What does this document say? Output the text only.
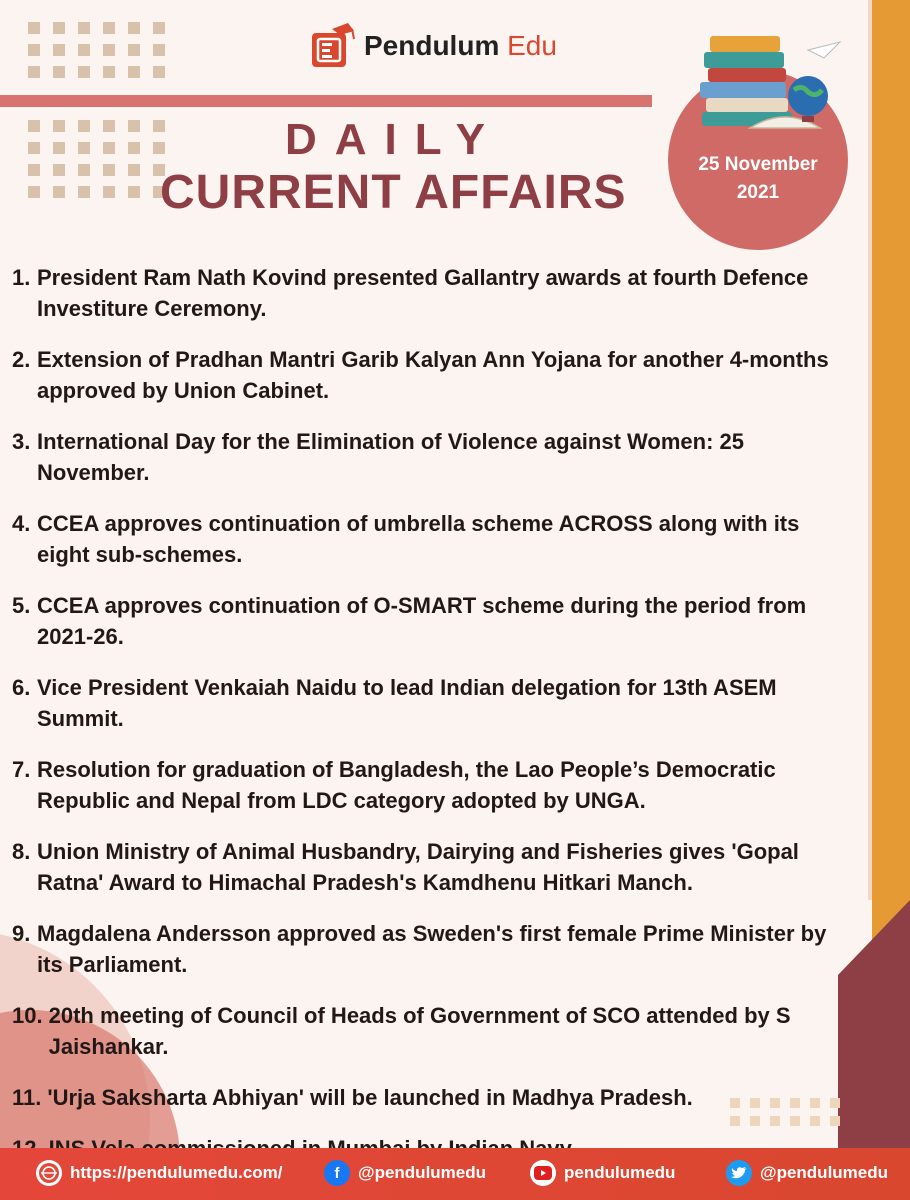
Pendulum Edu
DAILY
CURRENT AFFAIRS
25 November
2021
1. President Ram Nath Kovind presented Gallantry awards at fourth Defence Investiture Ceremony.
2. Extension of Pradhan Mantri Garib Kalyan Ann Yojana for another 4-months approved by Union Cabinet.
3. International Day for the Elimination of Violence against Women: 25 November.
4. CCEA approves continuation of umbrella scheme ACROSS along with its eight sub-schemes.
5. CCEA approves continuation of O-SMART scheme during the period from 2021-26.
6. Vice President Venkaiah Naidu to lead Indian delegation for 13th ASEM Summit.
7. Resolution for graduation of Bangladesh, the Lao People’s Democratic Republic and Nepal from LDC category adopted by UNGA.
8. Union Ministry of Animal Husbandry, Dairying and Fisheries gives 'Gopal Ratna' Award to Himachal Pradesh's Kamdhenu Hitkari Manch.
9. Magdalena Andersson approved as Sweden's first female Prime Minister by its Parliament.
10. 20th meeting of Council of Heads of Government of SCO attended by S Jaishankar.
11. 'Urja Saksharta Abhiyan' will be launched in Madhya Pradesh.
https://pendulumedu.com/	f	@pendulumedu	pendulumedu	@pendulumedu
